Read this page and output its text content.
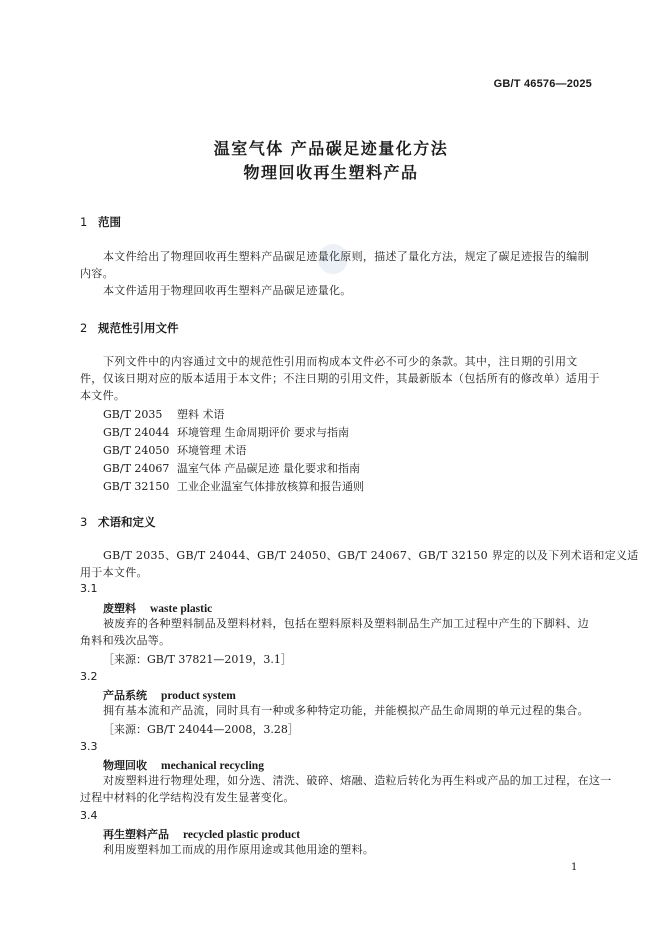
GB/T 46576—2025
温室气体 产品碳足迹量化方法
物理回收再生塑料产品
1 范围
本文件给出了物理回收再生塑料产品碳足迹量化原则，描述了量化方法，规定了碳足迹报告的编制
内容。
本文件适用于物理回收再生塑料产品碳足迹量化。
2 规范性引用文件
下列文件中的内容通过文中的规范性引用而构成本文件必不可少的条款。其中，注日期的引用文
件，仅该日期对应的版本适用于本文件；不注日期的引用文件，其最新版本（包括所有的修改单）适用于
本文件。
GB/T 2035 塑料 术语
GB/T 24044 环境管理 生命周期评价 要求与指南
GB/T 24050 环境管理 术语
GB/T 24067 温室气体 产品碳足迹 量化要求和指南
GB/T 32150 工业企业温室气体排放核算和报告通则
3 术语和定义
GB/T 2035、GB/T 24044、GB/T 24050、GB/T 24067、GB/T 32150 界定的以及下列术语和定义适
用于本文件。
3.1
废塑料 waste plastic
被废弃的各种塑料制品及塑料材料，包括在塑料原料及塑料制品生产加工过程中产生的下脚料、边
角料和残次品等。
［来源：GB/T 37821—2019，3.1］
3.2
产品系统 product system
拥有基本流和产品流，同时具有一种或多种特定功能，并能模拟产品生命周期的单元过程的集合。
［来源：GB/T 24044—2008，3.28］
3.3
物理回收 mechanical recycling
对废塑料进行物理处理，如分选、清洗、破碎、熔融、造粒后转化为再生料或产品的加工过程，在这一
过程中材料的化学结构没有发生显著变化。
3.4
再生塑料产品 recycled plastic product
利用废塑料加工而成的用作原用途或其他用途的塑料。
1
